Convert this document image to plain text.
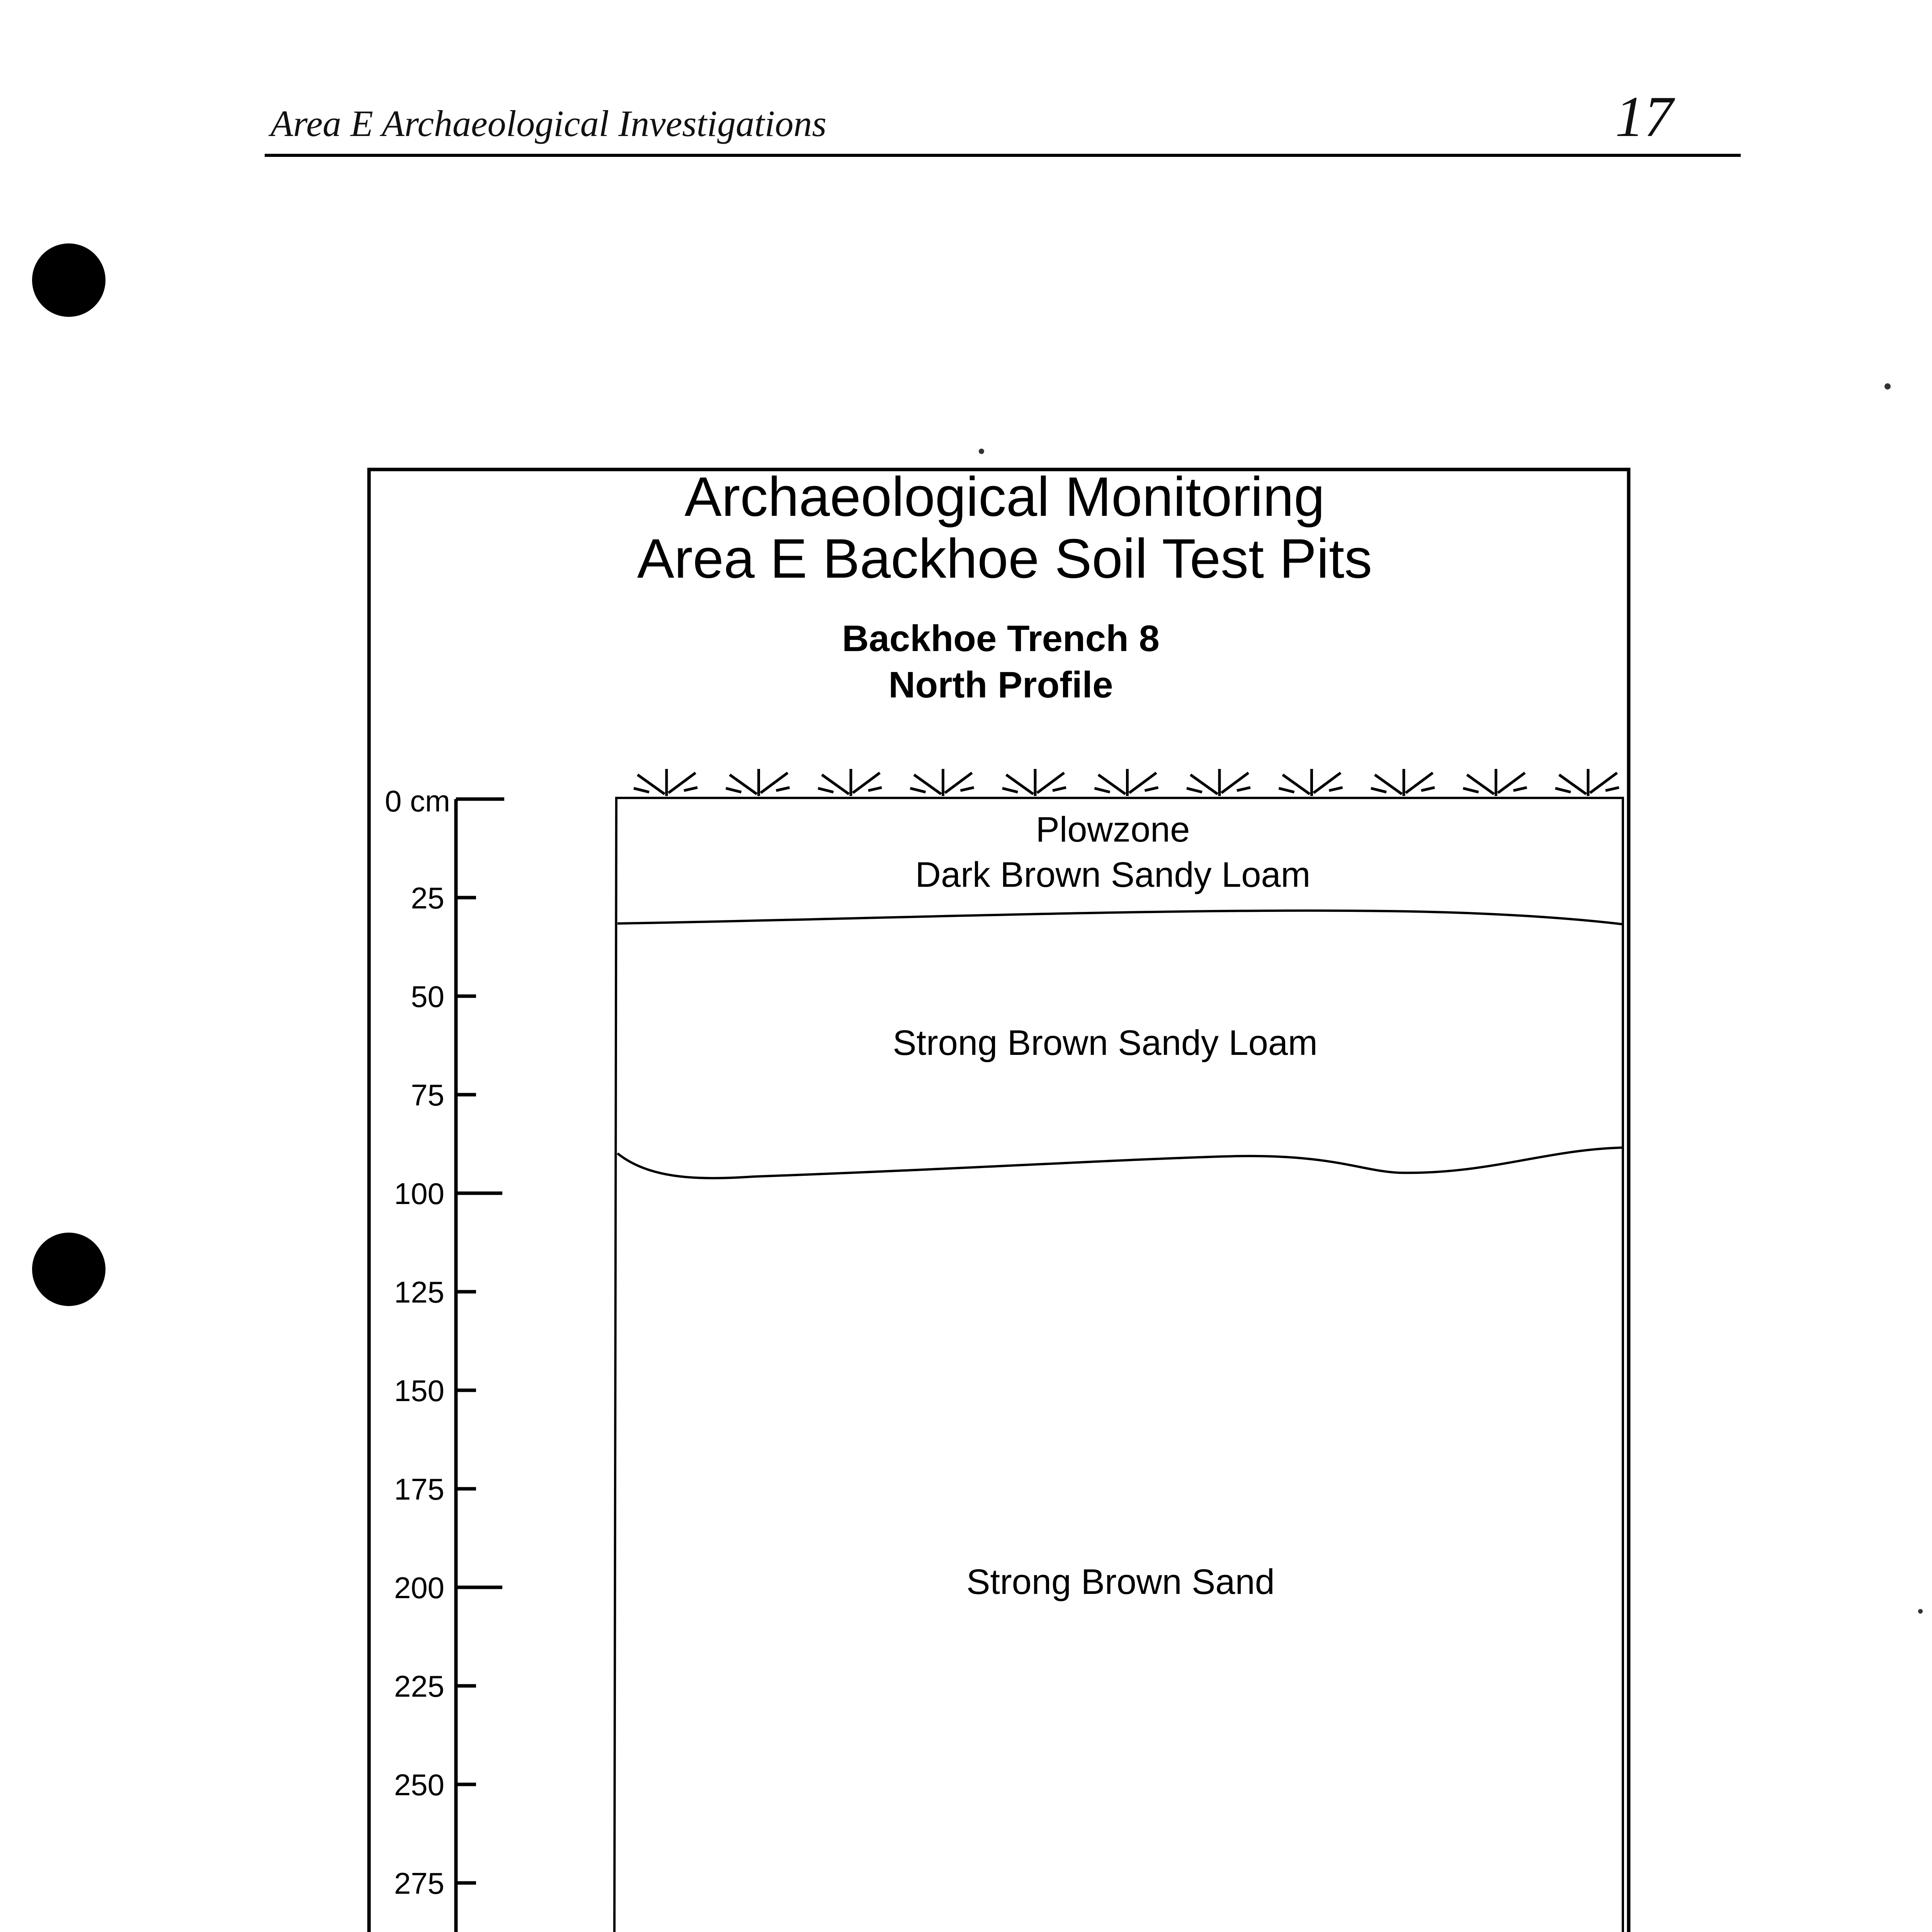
Area E Archaeological Investigations	17
Archaeological Monitoring
Area E Backhoe Soil Test Pits
Backhoe Trench 8
North Profile
0 cm
25
50
75
100
125
150
175
200
225
250
275
Plowzone
Dark Brown Sandy Loam
Strong Brown Sandy Loam
Strong Brown Sand
